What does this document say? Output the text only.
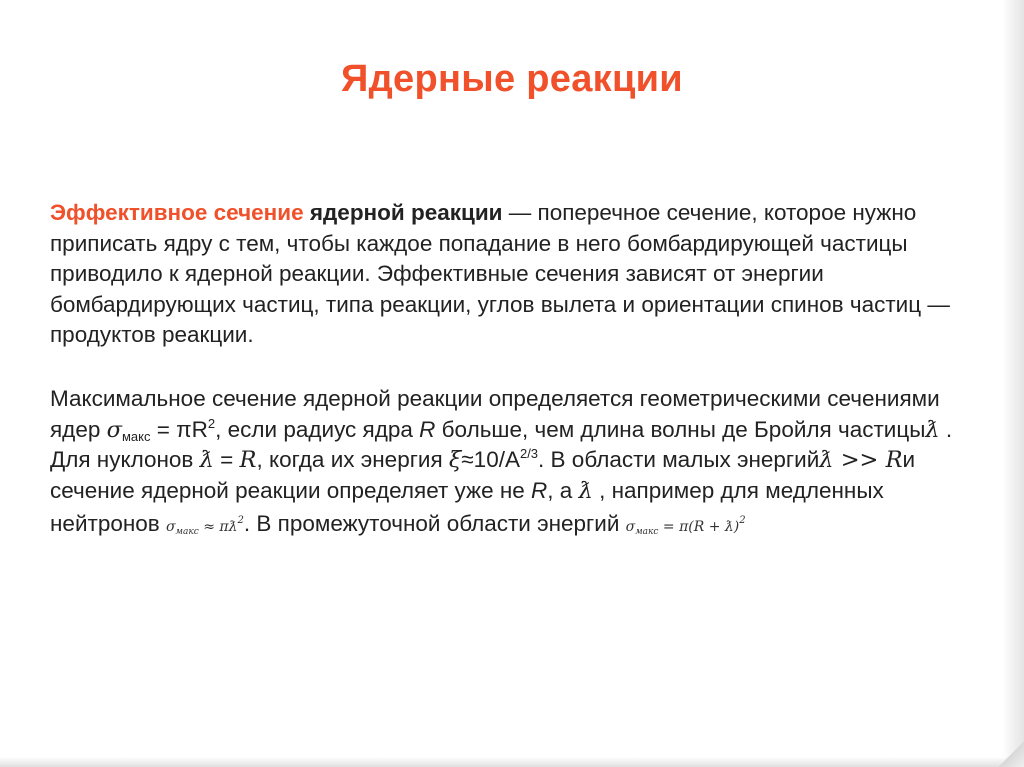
Ядерные реакции
Эффективное сечение ядерной реакции — поперечное сечение, которое нужно приписать ядру с тем, чтобы каждое попадание в него бомбардирующей частицы приводило к ядерной реакции. Эффективные сечения зависят от энергии бомбардирующих частиц, типа реакции, углов вылета и ориентации спинов частиц — продуктов реакции.
Максимальное сечение ядерной реакции определяется геометрическими сечениями ядер $\sigma_{макс} = \pi R^2$, если радиус ядра R больше, чем длина волны де Бройля частицыƛ . Для нуклонов ƛ = R, когда их энергия $\xi\approx 10/А^{2/3}$. В области малых энергийƛ >> Rи сечение ядерной реакции определяет уже не R, а ƛ , например для медленных нейтронов $\sigma_{макс}$ ≈ $\pi ƛ^2$. В промежуточной области энергий $\sigma_{макс} = \pi(R$ + ƛ)$^2$
